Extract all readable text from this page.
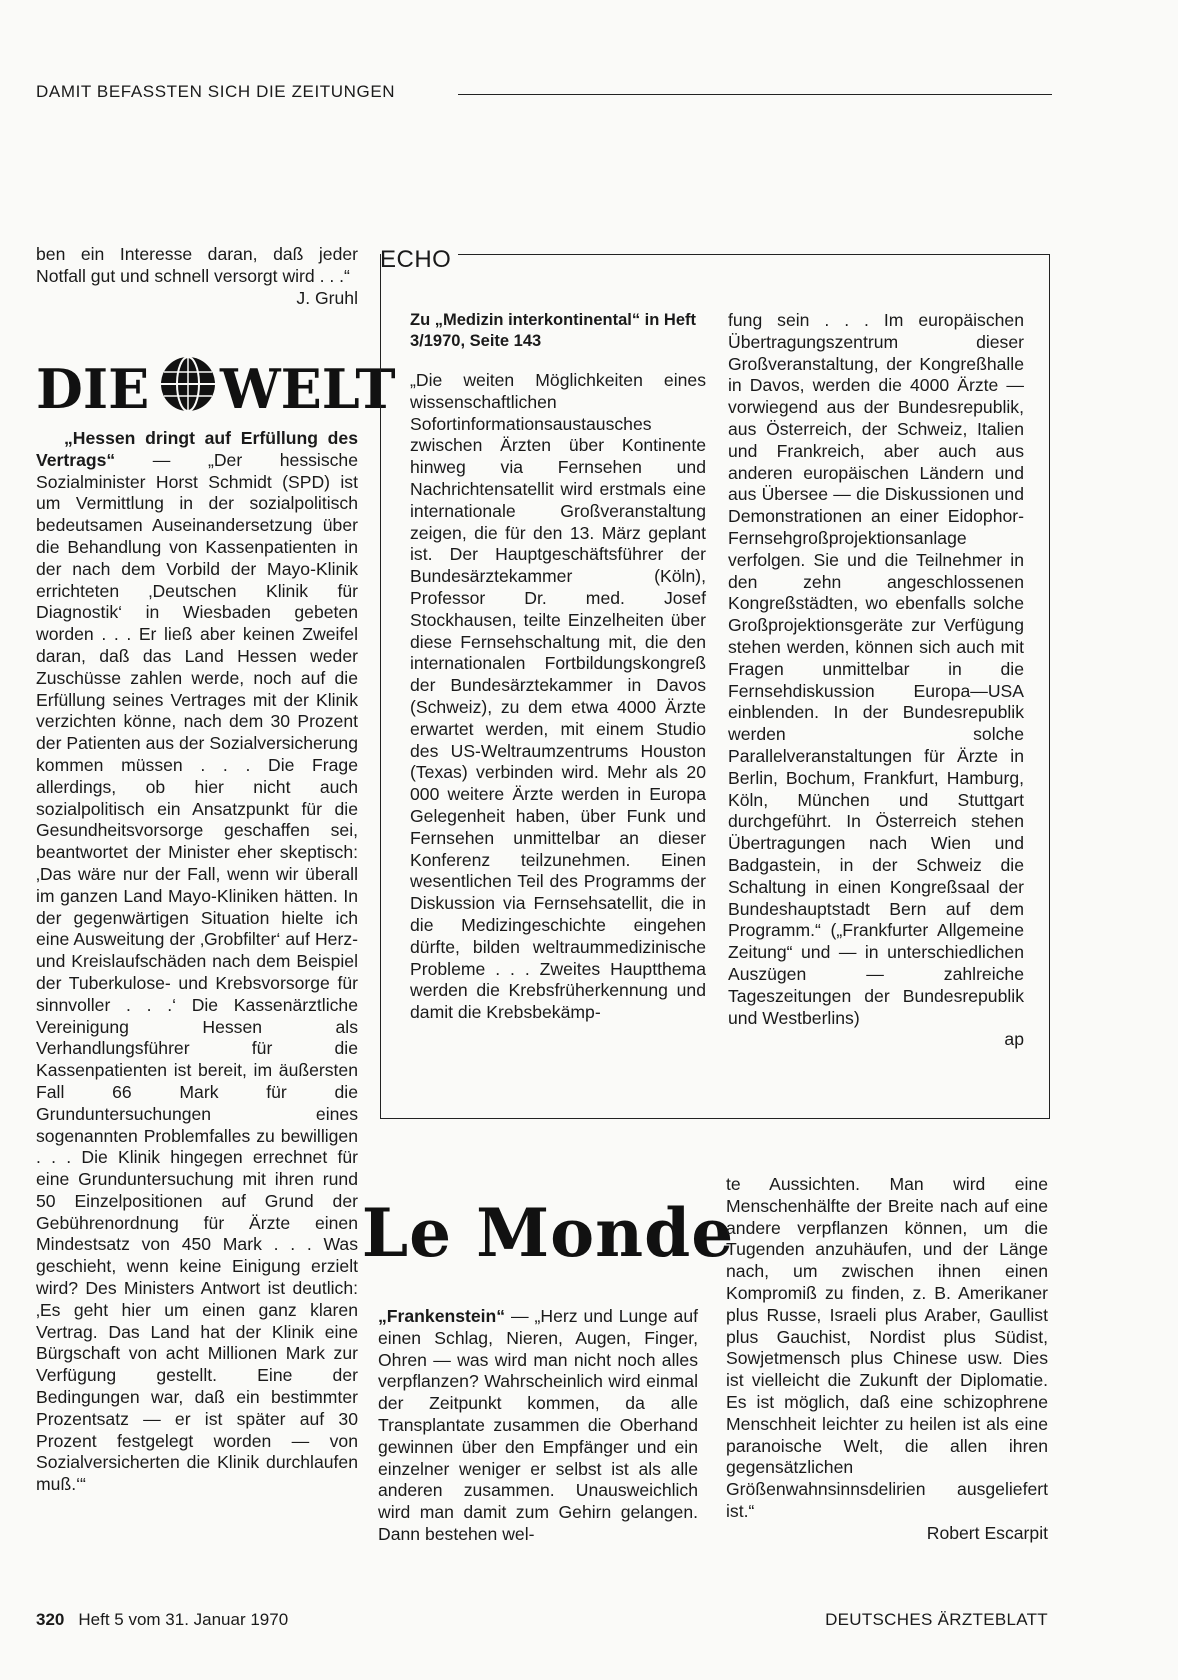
DAMIT BEFASSTEN SICH DIE ZEITUNGEN

ben ein Interesse daran, daß jeder Notfall gut und schnell versorgt wird . . .“

J. Gruhl

DIE WELT

„Hessen dringt auf Erfüllung des Vertrags“ — „Der hessische Sozialminister Horst Schmidt (SPD) ist um Vermittlung in der sozialpolitisch bedeutsamen Auseinandersetzung über die Behandlung von Kassenpatienten in der nach dem Vorbild der Mayo-Klinik errichteten ‚Deutschen Klinik für Diagnostik‘ in Wiesbaden gebeten worden . . . Er ließ aber keinen Zweifel daran, daß das Land Hessen weder Zuschüsse zahlen werde, noch auf die Erfüllung seines Vertrages mit der Klinik verzichten könne, nach dem 30 Prozent der Patienten aus der Sozialversicherung kommen müssen . . . Die Frage allerdings, ob hier nicht auch sozialpolitisch ein Ansatzpunkt für die Gesundheitsvorsorge geschaffen sei, beantwortet der Minister eher skeptisch: ‚Das wäre nur der Fall, wenn wir überall im ganzen Land Mayo-Kliniken hätten. In der gegenwärtigen Situation hielte ich eine Ausweitung der ‚Grobfilter‘ auf Herz- und Kreislaufschäden nach dem Beispiel der Tuberkulose- und Krebsvorsorge für sinnvoller . . .‘ Die Kassenärztliche Vereinigung Hessen als Verhandlungsführer für die Kassenpatienten ist bereit, im äußersten Fall 66 Mark für die Grunduntersuchungen eines sogenannten Problemfalles zu bewilligen . . . Die Klinik hingegen errechnet für eine Grunduntersuchung mit ihren rund 50 Einzelpositionen auf Grund der Gebührenordnung für Ärzte einen Mindestsatz von 450 Mark . . . Was geschieht, wenn keine Einigung erzielt wird? Des Ministers Antwort ist deutlich: ‚Es geht hier um einen ganz klaren Vertrag. Das Land hat der Klinik eine Bürgschaft von acht Millionen Mark zur Verfügung gestellt. Eine der Bedingungen war, daß ein bestimmter Prozentsatz — er ist später auf 30 Prozent festgelegt worden — von Sozialversicherten die Klinik durchlaufen muß.‘“

ECHO

Zu „Medizin interkontinental“ in Heft 3/1970, Seite 143

„Die weiten Möglichkeiten eines wissenschaftlichen Sofortinformationsaustausches zwischen Ärzten über Kontinente hinweg via Fernsehen und Nachrichtensatellit wird erstmals eine internationale Großveranstaltung zeigen, die für den 13. März geplant ist. Der Hauptgeschäftsführer der Bundesärztekammer (Köln), Professor Dr. med. Josef Stockhausen, teilte Einzelheiten über diese Fernsehschaltung mit, die den internationalen Fortbildungskongreß der Bundesärztekammer in Davos (Schweiz), zu dem etwa 4000 Ärzte erwartet werden, mit einem Studio des US-Weltraumzentrums Houston (Texas) verbinden wird. Mehr als 20 000 weitere Ärzte werden in Europa Gelegenheit haben, über Funk und Fernsehen unmittelbar an dieser Konferenz teilzunehmen. Einen wesentlichen Teil des Programms der Diskussion via Fernsehsatellit, die in die Medizingeschichte eingehen dürfte, bilden weltraummedizinische Probleme . . . Zweites Hauptthema werden die Krebsfrüherkennung und damit die Krebsbekämp-

fung sein . . . Im europäischen Übertragungszentrum dieser Großveranstaltung, der Kongreßhalle in Davos, werden die 4000 Ärzte — vorwiegend aus der Bundesrepublik, aus Österreich, der Schweiz, Italien und Frankreich, aber auch aus anderen europäischen Ländern und aus Übersee — die Diskussionen und Demonstrationen an einer Eidophor-Fernsehgroßprojektionsanlage verfolgen. Sie und die Teilnehmer in den zehn angeschlossenen Kongreßstädten, wo ebenfalls solche Großprojektionsgeräte zur Verfügung stehen werden, können sich auch mit Fragen unmittelbar in die Fernsehdiskussion Europa—USA einblenden. In der Bundesrepublik werden solche Parallelveranstaltungen für Ärzte in Berlin, Bochum, Frankfurt, Hamburg, Köln, München und Stuttgart durchgeführt. In Österreich stehen Übertragungen nach Wien und Badgastein, in der Schweiz die Schaltung in einen Kongreßsaal der Bundeshauptstadt Bern auf dem Programm.“ („Frankfurter Allgemeine Zeitung“ und — in unterschiedlichen Auszügen — zahlreiche Tageszeitungen der Bundesrepublik und Westberlins)

ap

Le Monde

„Frankenstein“ — „Herz und Lunge auf einen Schlag, Nieren, Augen, Finger, Ohren — was wird man nicht noch alles verpflanzen? Wahrscheinlich wird einmal der Zeitpunkt kommen, da alle Transplantate zusammen die Oberhand gewinnen über den Empfänger und ein einzelner weniger er selbst ist als alle anderen zusammen. Unausweichlich wird man damit zum Gehirn gelangen. Dann bestehen wel-

te Aussichten. Man wird eine Menschenhälfte der Breite nach auf eine andere verpflanzen können, um die Tugenden anzuhäufen, und der Länge nach, um zwischen ihnen einen Kompromiß zu finden, z. B. Amerikaner plus Russe, Israeli plus Araber, Gaullist plus Gauchist, Nordist plus Südist, Sowjetmensch plus Chinese usw. Dies ist vielleicht die Zukunft der Diplomatie. Es ist möglich, daß eine schizophrene Menschheit leichter zu heilen ist als eine paranoische Welt, die allen ihren gegensätzlichen Größenwahnsinnsdelirien ausgeliefert ist.“

Robert Escarpit

320 Heft 5 vom 31. Januar 1970	DEUTSCHES ÄRZTEBLATT
